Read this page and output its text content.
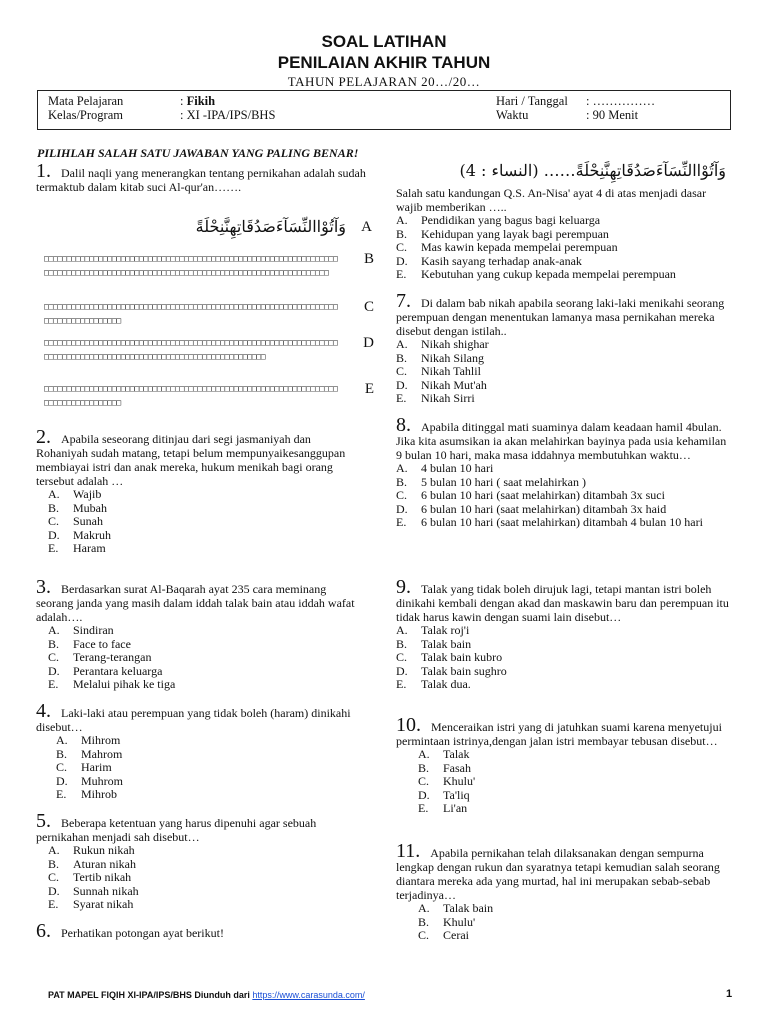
SOAL LATIHAN
PENILAIAN AKHIR TAHUN
TAHUN PELAJARAN 20…/20…
Mata Pelajaran	: Fikih
Kelas/Program	: XI -IPA/IPS/BHS
Hari / Tanggal : ……………
Waktu	: 90 Menit
PILIHLAH SALAH SATU JAWABAN YANG PALING BENAR!
1. Dalil naqli yang menerangkan tentang pernikahan adalah sudah termaktub dalam kitab suci Al-qur'an…….
وَآتُوْاالنِّسَآءَصَدُقَاتِهِنَّنِحْلَةً A
□□□□□□□□□□□□□□□□□□□□□□□□□□□□□□□□□□□□□□□□□□□□□□□□□□□□□□□□□□□□□□□□□□□□□□□□□□□□□□□□□□□□□□□□□□□□□□□□□□□□□□□□□□□□□□□□□□□□□□□□□□□□□□□□
B
□□□□□□□□□□□□□□□□□□□□□□□□□□□□□□□□□□□□□□□□□□□□□□□□□□□□□□□□□□□□□□□□□□□□□□□□□□□□□□□□□□
C
□□□□□□□□□□□□□□□□□□□□□□□□□□□□□□□□□□□□□□□□□□□□□□□□□□□□□□□□□□□□□□□□□□□□□□□□□□□□□□□□□□□□□□□□□□□□□□□□□□□□□□□□□□□□□□□□□□
D
□□□□□□□□□□□□□□□□□□□□□□□□□□□□□□□□□□□□□□□□□□□□□□□□□□□□□□□□□□□□□□□□□□□□□□□□□□□□□□□□□□
E
2. Apabila seseorang ditinjau dari segi jasmaniyah dan Rohaniyah sudah matang, tetapi belum mempunyaikesanggupan membiayai istri dan anak mereka, hukum menikah bagi orang tersebut adalah …
A.	Wajib
B.	Mubah
C.	Sunah
D.	Makruh
E.	Haram
3. Berdasarkan surat Al-Baqarah ayat 235 cara meminang seorang janda yang masih dalam iddah talak bain atau iddah wafat adalah….
A.	Sindiran
B.	Face to face
C.	Terang-terangan
D.	Perantara keluarga
E.	Melalui pihak ke tiga
4. Laki-laki atau perempuan yang tidak boleh (haram) dinikahi disebut…
A.	Mihrom
B.	Mahrom
C.	Harim
D.	Muhrom
E.	Mihrob
5. Beberapa ketentuan yang harus dipenuhi agar sebuah pernikahan menjadi sah disebut…
A.	Rukun nikah
B.	Aturan nikah
C.	Tertib nikah
D.	Sunnah nikah
E.	Syarat nikah
6. Perhatikan potongan ayat berikut!
وَآتُوْاالنِّسَآءَصَدُقَاتِهِنَّنِحْلَةً…… (النساء : 4)
Salah satu kandungan Q.S. An-Nisa' ayat 4 di atas menjadi dasar wajib memberikan …..
A.	Pendidikan yang bagus bagi keluarga
B.	Kehidupan yang layak bagi perempuan
C.	Mas kawin kepada mempelai perempuan
D.	Kasih sayang terhadap anak-anak
E.	Kebutuhan yang cukup kepada mempelai perempuan
7. Di dalam bab nikah apabila seorang laki-laki menikahi seorang perempuan dengan menentukan lamanya masa pernikahan mereka disebut dengan istilah..
A.	Nikah shighar
B.	Nikah Silang
C.	Nikah Tahlil
D.	Nikah Mut'ah
E.	Nikah Sirri
8. Apabila ditinggal mati suaminya dalam keadaan hamil 4bulan. Jika kita asumsikan ia akan melahirkan bayinya pada usia kehamilan 9 bulan 10 hari, maka masa iddahnya membutuhkan waktu…
A.	4 bulan 10 hari
B.	5 bulan 10 hari ( saat melahirkan )
C.	6 bulan 10 hari (saat melahirkan) ditambah 3x suci
D.	6 bulan 10 hari (saat melahirkan) ditambah 3x haid
E.	6 bulan 10 hari (saat melahirkan) ditambah 4 bulan 10 hari
9. Talak yang tidak boleh dirujuk lagi, tetapi mantan istri boleh dinikahi kembali dengan akad dan maskawin baru dan perempuan itu tidak harus kawin dengan suami lain disebut…
A.	Talak roj'i
B.	Talak bain
C.	Talak bain kubro
D.	Talak bain sughro
E.	Talak dua.
10. Menceraikan istri yang di jatuhkan suami karena menyetujui permintaan istrinya,dengan jalan istri membayar tebusan disebut…
A.	Talak
B.	Fasah
C.	Khulu'
D.	Ta'liq
E.	Li'an
11. Apabila pernikahan telah dilaksanakan dengan sempurna lengkap dengan rukun dan syaratnya tetapi kemudian salah seorang diantara mereka ada yang murtad, hal ini merupakan sebab-sebab terjadinya…
A.	Talak bain
B.	Khulu'
C.	Cerai
PAT MAPEL FIQIH XI-IPA/IPS/BHS Diunduh dari https://www.carasunda.com/	1
